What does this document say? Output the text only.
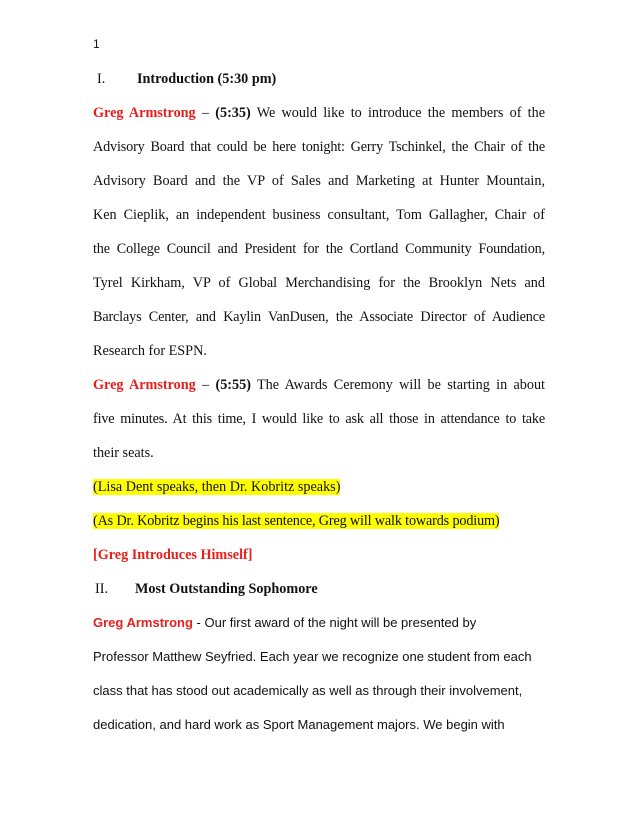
1
I. Introduction (5:30 pm)
Greg Armstrong – (5:35) We would like to introduce the members of the
Advisory Board that could be here tonight: Gerry Tschinkel, the Chair of the
Advisory Board and the VP of Sales and Marketing at Hunter Mountain,
Ken Cieplik, an independent business consultant, Tom Gallagher, Chair of
the College Council and President for the Cortland Community Foundation,
Tyrel Kirkham, VP of Global Merchandising for the Brooklyn Nets and
Barclays Center, and Kaylin VanDusen, the Associate Director of Audience
Research for ESPN.
Greg Armstrong – (5:55) The Awards Ceremony will be starting in about
five minutes. At this time, I would like to ask all those in attendance to take
their seats.
(Lisa Dent speaks, then Dr. Kobritz speaks)
(As Dr. Kobritz begins his last sentence, Greg will walk towards podium)
[Greg Introduces Himself]
II. Most Outstanding Sophomore
Greg Armstrong - Our first award of the night will be presented by
Professor Matthew Seyfried. Each year we recognize one student from each
class that has stood out academically as well as through their involvement,
dedication, and hard work as Sport Management majors. We begin with
